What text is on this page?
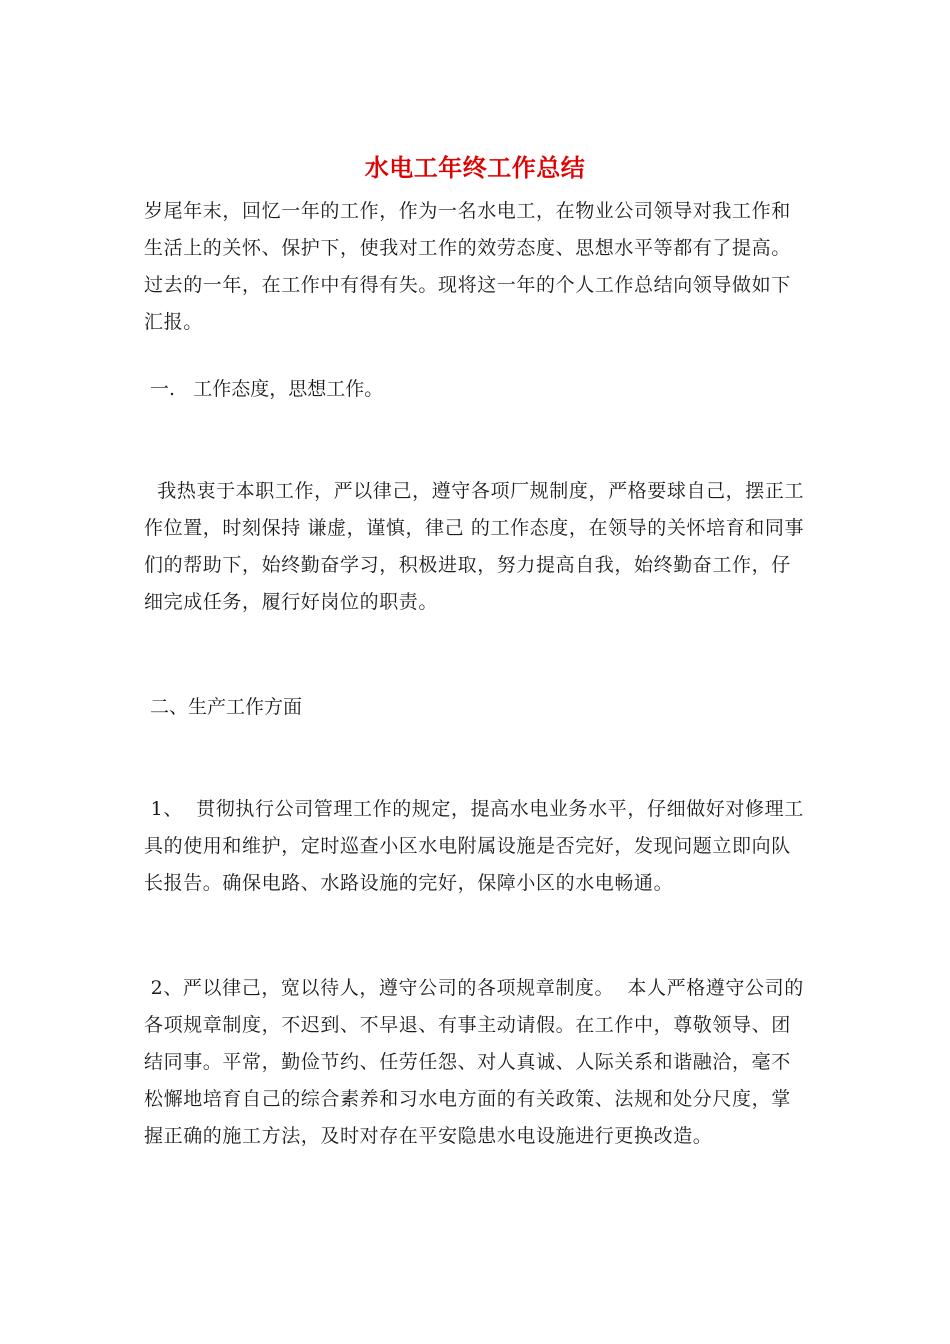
水电工年终工作总结

岁尾年末，回忆一年的工作，作为一名水电工，在物业公司领导对我工作和生活上的关怀、保护下，使我对工作的效劳态度、思想水平等都有了提高。过去的一年，在工作中有得有失。现将这一年的个人工作总结向领导做如下汇报。

一.   工作态度，思想工作。

我热衷于本职工作，严以律己，遵守各项厂规制度，严格要球自己，摆正工作位置，时刻保持 谦虚，谨慎，律己 的工作态度，在领导的关怀培育和同事们的帮助下，始终勤奋学习，积极进取，努力提高自我，始终勤奋工作，仔细完成任务，履行好岗位的职责。

二、生产工作方面

1、  贯彻执行公司管理工作的规定，提高水电业务水平，仔细做好对修理工具的使用和维护，定时巡查小区水电附属设施是否完好，发现问题立即向队长报告。确保电路、水路设施的完好，保障小区的水电畅通。

2、严以律己，宽以待人，遵守公司的各项规章制度。  本人严格遵守公司的各项规章制度，不迟到、不早退、有事主动请假。在工作中，尊敬领导、团结同事。平常，勤俭节约、任劳任怨、对人真诚、人际关系和谐融洽，毫不松懈地培育自己的综合素养和习水电方面的有关政策、法规和处分尺度，掌握正确的施工方法，及时对存在平安隐患水电设施进行更换改造。
